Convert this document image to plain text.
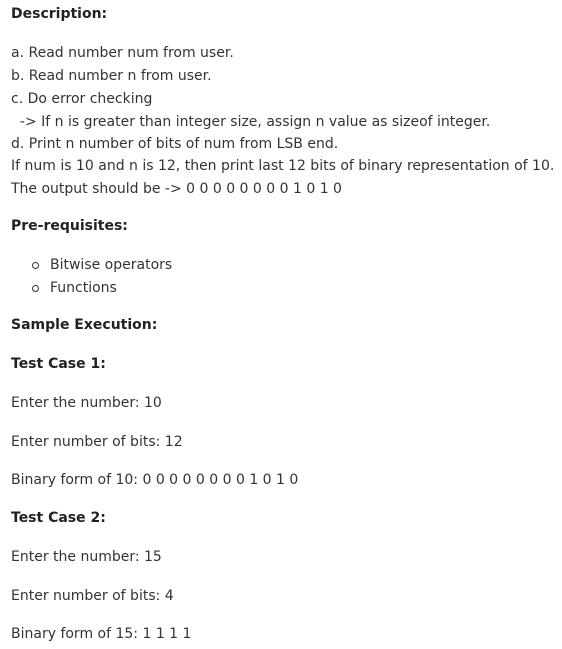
Description:
a. Read number num from user.
b. Read number n from user.
c. Do error checking
-> If n is greater than integer size, assign n value as sizeof integer.
d. Print n number of bits of num from LSB end.
If num is 10 and n is 12, then print last 12 bits of binary representation of 10.
The output should be -> 0 0 0 0 0 0 0 0 1 0 1 0
Pre-requisites:
Bitwise operators
Functions
Sample Execution:
Test Case 1:
Enter the number: 10
Enter number of bits: 12
Binary form of 10: 0 0 0 0 0 0 0 0 1 0 1 0
Test Case 2:
Enter the number: 15
Enter number of bits: 4
Binary form of 15: 1 1 1 1
